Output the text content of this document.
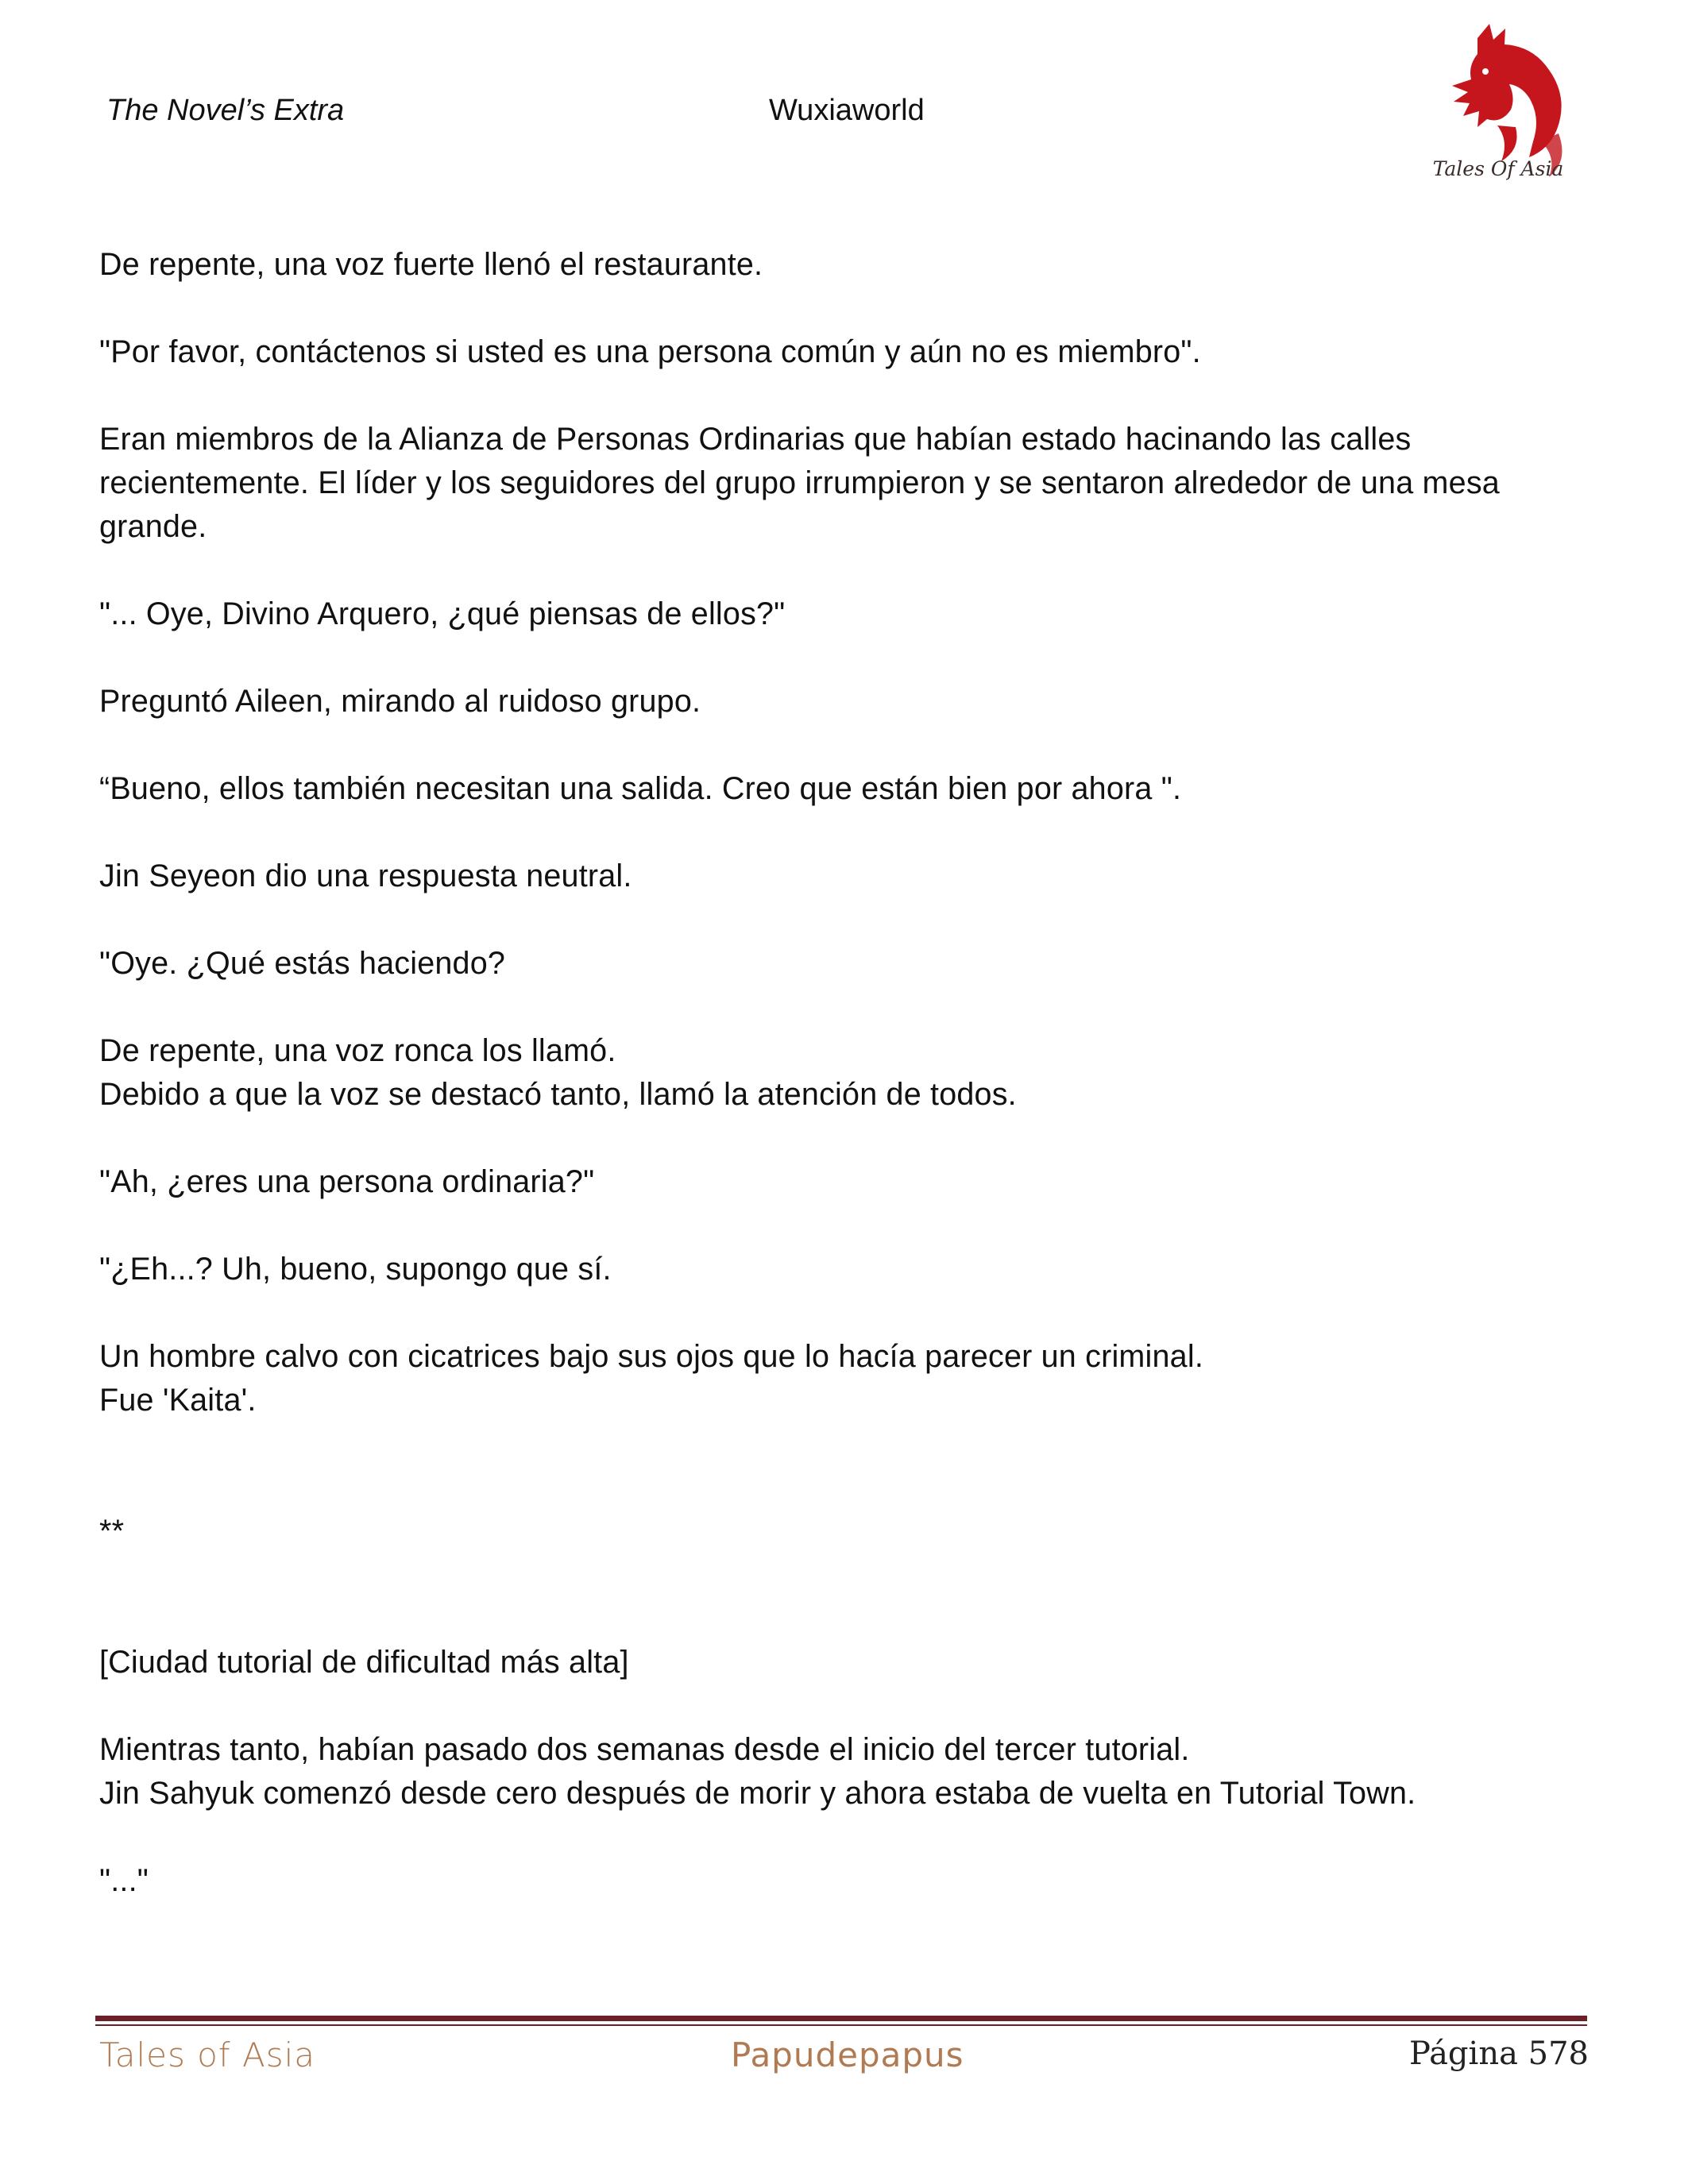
The Novel’s Extra	Wuxiaworld
Tales Of Asia
De repente, una voz fuerte llenó el restaurante.
"Por favor, contáctenos si usted es una persona común y aún no es miembro".
Eran miembros de la Alianza de Personas Ordinarias que habían estado hacinando las calles
recientemente. El líder y los seguidores del grupo irrumpieron y se sentaron alrededor de una mesa
grande.
"... Oye, Divino Arquero, ¿qué piensas de ellos?"
Preguntó Aileen, mirando al ruidoso grupo.
“Bueno, ellos también necesitan una salida. Creo que están bien por ahora ".
Jin Seyeon dio una respuesta neutral.
"Oye. ¿Qué estás haciendo?
De repente, una voz ronca los llamó.
Debido a que la voz se destacó tanto, llamó la atención de todos.
"Ah, ¿eres una persona ordinaria?"
"¿Eh...? Uh, bueno, supongo que sí.
Un hombre calvo con cicatrices bajo sus ojos que lo hacía parecer un criminal.
Fue 'Kaita'.
**
[Ciudad tutorial de dificultad más alta]
Mientras tanto, habían pasado dos semanas desde el inicio del tercer tutorial.
Jin Sahyuk comenzó desde cero después de morir y ahora estaba de vuelta en Tutorial Town.
"..."
Tales of Asia	Papudepapus	Página 578
